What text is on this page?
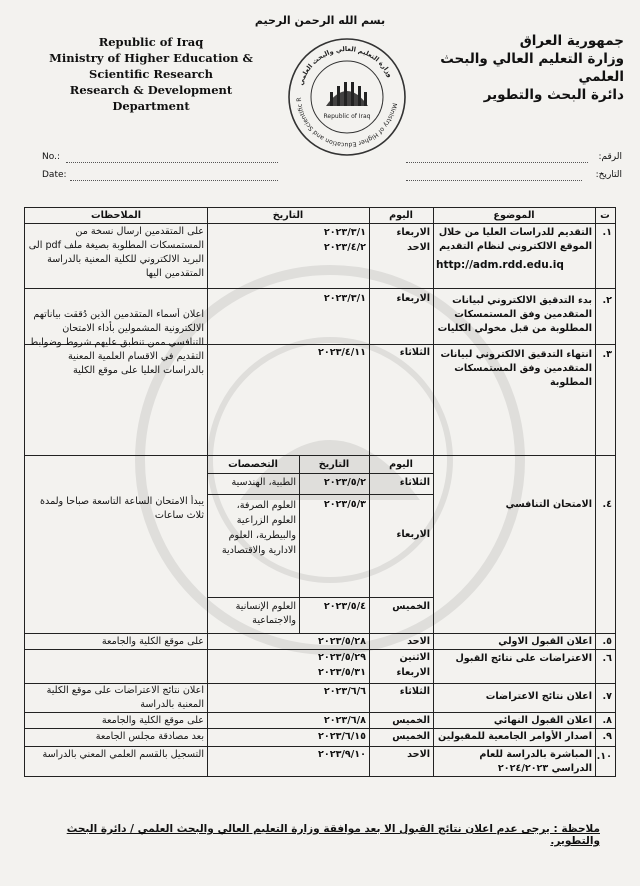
بسم الله الرحمن الرحيم
Republic of Iraq
Ministry of Higher Education &
Scientific Research
Research & Development
Department
جمهورية العراق
وزارة التعليم العالي والبحث العلمي
دائرة البحث والتطوير
Ministry of Higher Education and Scientific R
وزارة التعليم العالي والبحث العلمي
Republic of Iraq
No.:
Date:
الرقم:
التاريخ:
ت
الموضوع
اليوم
التاريخ
الملاحظات
١.
التقديم للدراسات العليا من خلال الموقع الالكتروني لنظام التقديم
http://adm.rdd.edu.iq
الاربعاء
الاحد
٢٠٢٣/٣/١
٢٠٢٣/٤/٢
على المتقدمين ارسال نسخة من المستمسكات المطلوبة بصيغة ملف pdf الى البريد الالكتروني للكلية المعنية بالدراسة المتقدمين اليها
٢.
بدء التدقيق الالكتروني لبيانات المتقدمين وفق المستمسكات المطلوبة من قبل مخولي الكليات
الاربعاء
٢٠٢٣/٣/١
اعلان أسماء المتقدمين الذين دُققت بياناتهم الالكترونية المشمولين بأداء الامتحان التنافسي ممن تنطبق عليهم شروط وضوابط التقديم في الاقسام العلمية المعنية بالدراسات العليا على موقع الكلية
٣.
انتهاء التدقيق الالكتروني لبيانات المتقدمين وفق المستمسكات المطلوبة
الثلاثاء
٢٠٢٣/٤/١١
اليوم
التاريخ
التخصصات
٤.
الامتحان التنافسي
يبدأ الامتحان الساعة التاسعة صباحا ولمدة ثلاث ساعات
الثلاثاء
٢٠٢٣/٥/٢
الطبية، الهندسية
الاربعاء
٢٠٢٣/٥/٣
العلوم الصرفة، العلوم الزراعية والبيطرية، العلوم الادارية والاقتصادية
الخميس
٢٠٢٣/٥/٤
العلوم الإنسانية والاجتماعية
٥.
اعلان القبول الاولي
الاحد
٢٠٢٣/٥/٢٨
على موقع الكلية والجامعة
٦.
الاعتراضات على نتائج القبول
الاثنين
الاربعاء
٢٠٢٣/٥/٢٩
٢٠٢٣/٥/٣١
٧.
اعلان نتائج الاعتراضات
الثلاثاء
٢٠٢٣/٦/٦
اعلان نتائج الاعتراضات على موقع الكلية المعنية بالدراسة
٨.
اعلان القبول النهائي
الخميس
٢٠٢٣/٦/٨
على موقع الكلية والجامعة
٩.
اصدار الأوامر الجامعية للمقبولين
الخميس
٢٠٢٣/٦/١٥
بعد مصادقة مجلس الجامعة
١٠.
المباشرة بالدراسة للعام الدراسي ٢٠٢٤/٢٠٢٣
الاحد
٢٠٢٣/٩/١٠
التسجيل بالقسم العلمي المعني بالدراسة
ملاحظة : يرجى عدم اعلان نتائج القبول الا بعد موافقة وزارة التعليم العالي والبحث العلمي / دائرة البحث والتطوير.
